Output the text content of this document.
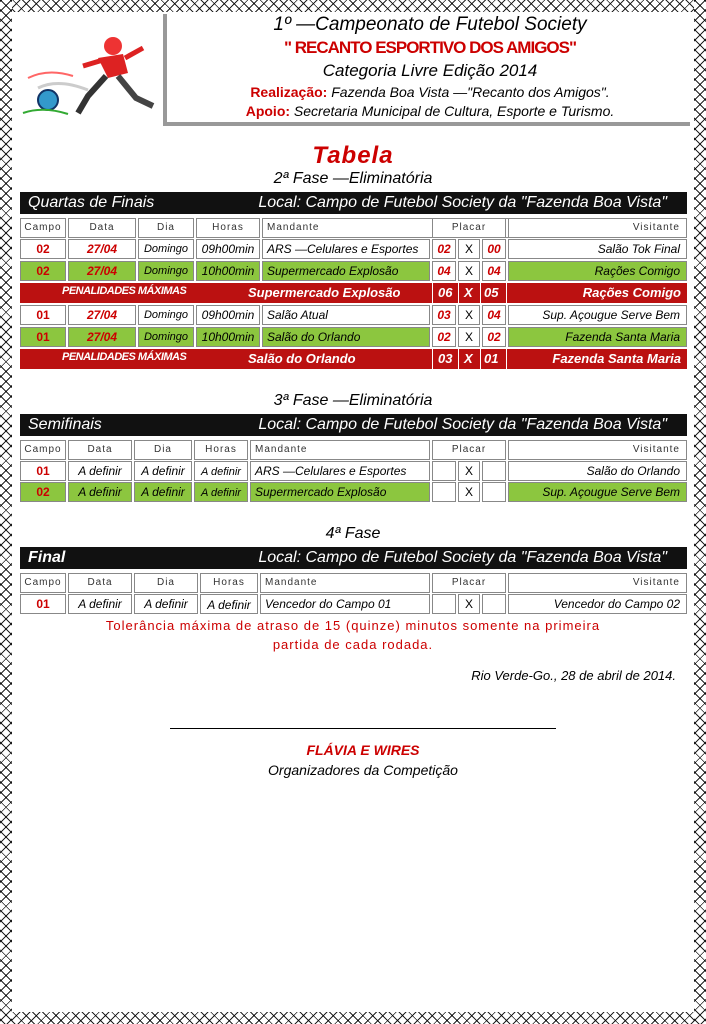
1º —Campeonato de Futebol Society
" RECANTO ESPORTIVO DOS AMIGOS"
Categoria Livre Edição 2014
Realização: Fazenda Boa Vista —"Recanto dos Amigos".
Apoio: Secretaria Municipal de Cultura, Esporte e Turismo.
Tabela
2ª Fase —Eliminatória
Quartas de Finais	Local: Campo de Futebol Society da "Fazenda Boa Vista"
Campo	Data	Dia	Horas	Mandante	Placar	Visitante
02	27/04	Domingo	09h00min	ARS —Celulares e Esportes	02	X	00	Salão Tok Final
02	27/04	Domingo	10h00min	Supermercado Explosão	04	X	04	Rações Comigo
PENALIDADES MÁXIMAS	Supermercado Explosão	06 X 05	Rações Comigo
01	27/04	Domingo	09h00min	Salão Atual	03	X	04	Sup. Açougue Serve Bem
01	27/04	Domingo	10h00min	Salão do Orlando	02	X	02	Fazenda Santa Maria
PENALIDADES MÁXIMAS	Salão do Orlando	03 X 01	Fazenda Santa Maria
3ª Fase —Eliminatória
Semifinais	Local: Campo de Futebol Society da "Fazenda Boa Vista"
Campo	Data	Dia	Horas	Mandante	Placar	Visitante
01	A definir	A definir	A definir	ARS —Celulares e Esportes	X	Salão do Orlando
02	A definir	A definir	A definir	Supermercado Explosão	X	Sup. Açougue Serve Bem
4ª Fase
Final	Local: Campo de Futebol Society da "Fazenda Boa Vista"
Campo	Data	Dia	Horas	Mandante	Placar	Visitante
01	A definir	A definir	A definir	Vencedor do Campo 01	X	Vencedor do Campo 02
Tolerância máxima de atraso de 15 (quinze) minutos somente na primeira
partida de cada rodada.
Rio Verde-Go., 28 de abril de 2014.
FLÁVIA E WIRES
Organizadores da Competição
